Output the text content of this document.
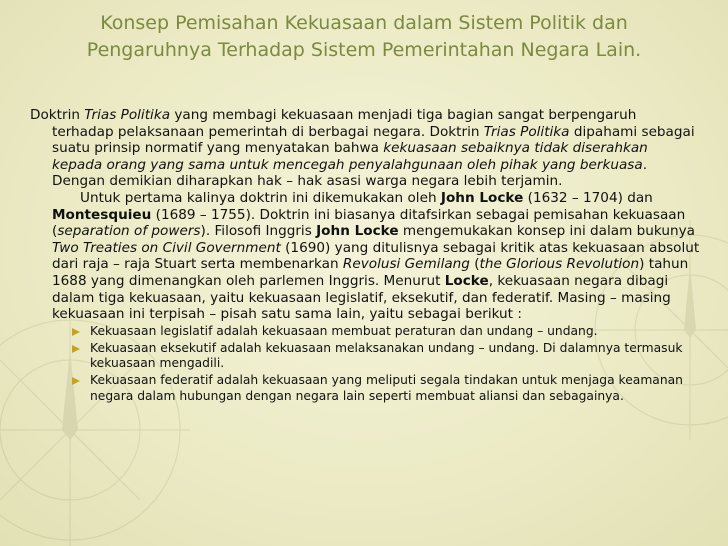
Konsep Pemisahan Kekuasaan dalam Sistem Politik dan
Pengaruhnya Terhadap Sistem Pemerintahan Negara Lain.

Doktrin Trias Politika yang membagi kekuasaan menjadi tiga bagian sangat berpengaruh terhadap pelaksanaan pemerintah di berbagai negara. Doktrin Trias Politika dipahami sebagai suatu prinsip normatif yang menyatakan bahwa kekuasaan sebaiknya tidak diserahkan kepada orang yang sama untuk mencegah penyalahgunaan oleh pihak yang berkuasa. Dengan demikian diharapkan hak – hak asasi warga negara lebih terjamin.

Untuk pertama kalinya doktrin ini dikemukakan oleh John Locke (1632 – 1704) dan Montesquieu (1689 – 1755). Doktrin ini biasanya ditafsirkan sebagai pemisahan kekuasaan (separation of powers). Filosofi Inggris John Locke mengemukakan konsep ini dalam bukunya Two Treaties on Civil Government (1690) yang ditulisnya sebagai kritik atas kekuasaan absolut dari raja – raja Stuart serta membenarkan Revolusi Gemilang (the Glorious Revolution) tahun 1688 yang dimenangkan oleh parlemen Inggris. Menurut Locke, kekuasaan negara dibagi dalam tiga kekuasaan, yaitu kekuasaan legislatif, eksekutif, dan federatif. Masing – masing kekuasaan ini terpisah – pisah satu sama lain, yaitu sebagai berikut :

Kekuasaan legislatif adalah kekuasaan membuat peraturan dan undang – undang.
Kekuasaan eksekutif adalah kekuasaan melaksanakan undang – undang. Di dalamnya termasuk kekuasaan mengadili.
Kekuasaan federatif adalah kekuasaan yang meliputi segala tindakan untuk menjaga keamanan negara dalam hubungan dengan negara lain seperti membuat aliansi dan sebagainya.
